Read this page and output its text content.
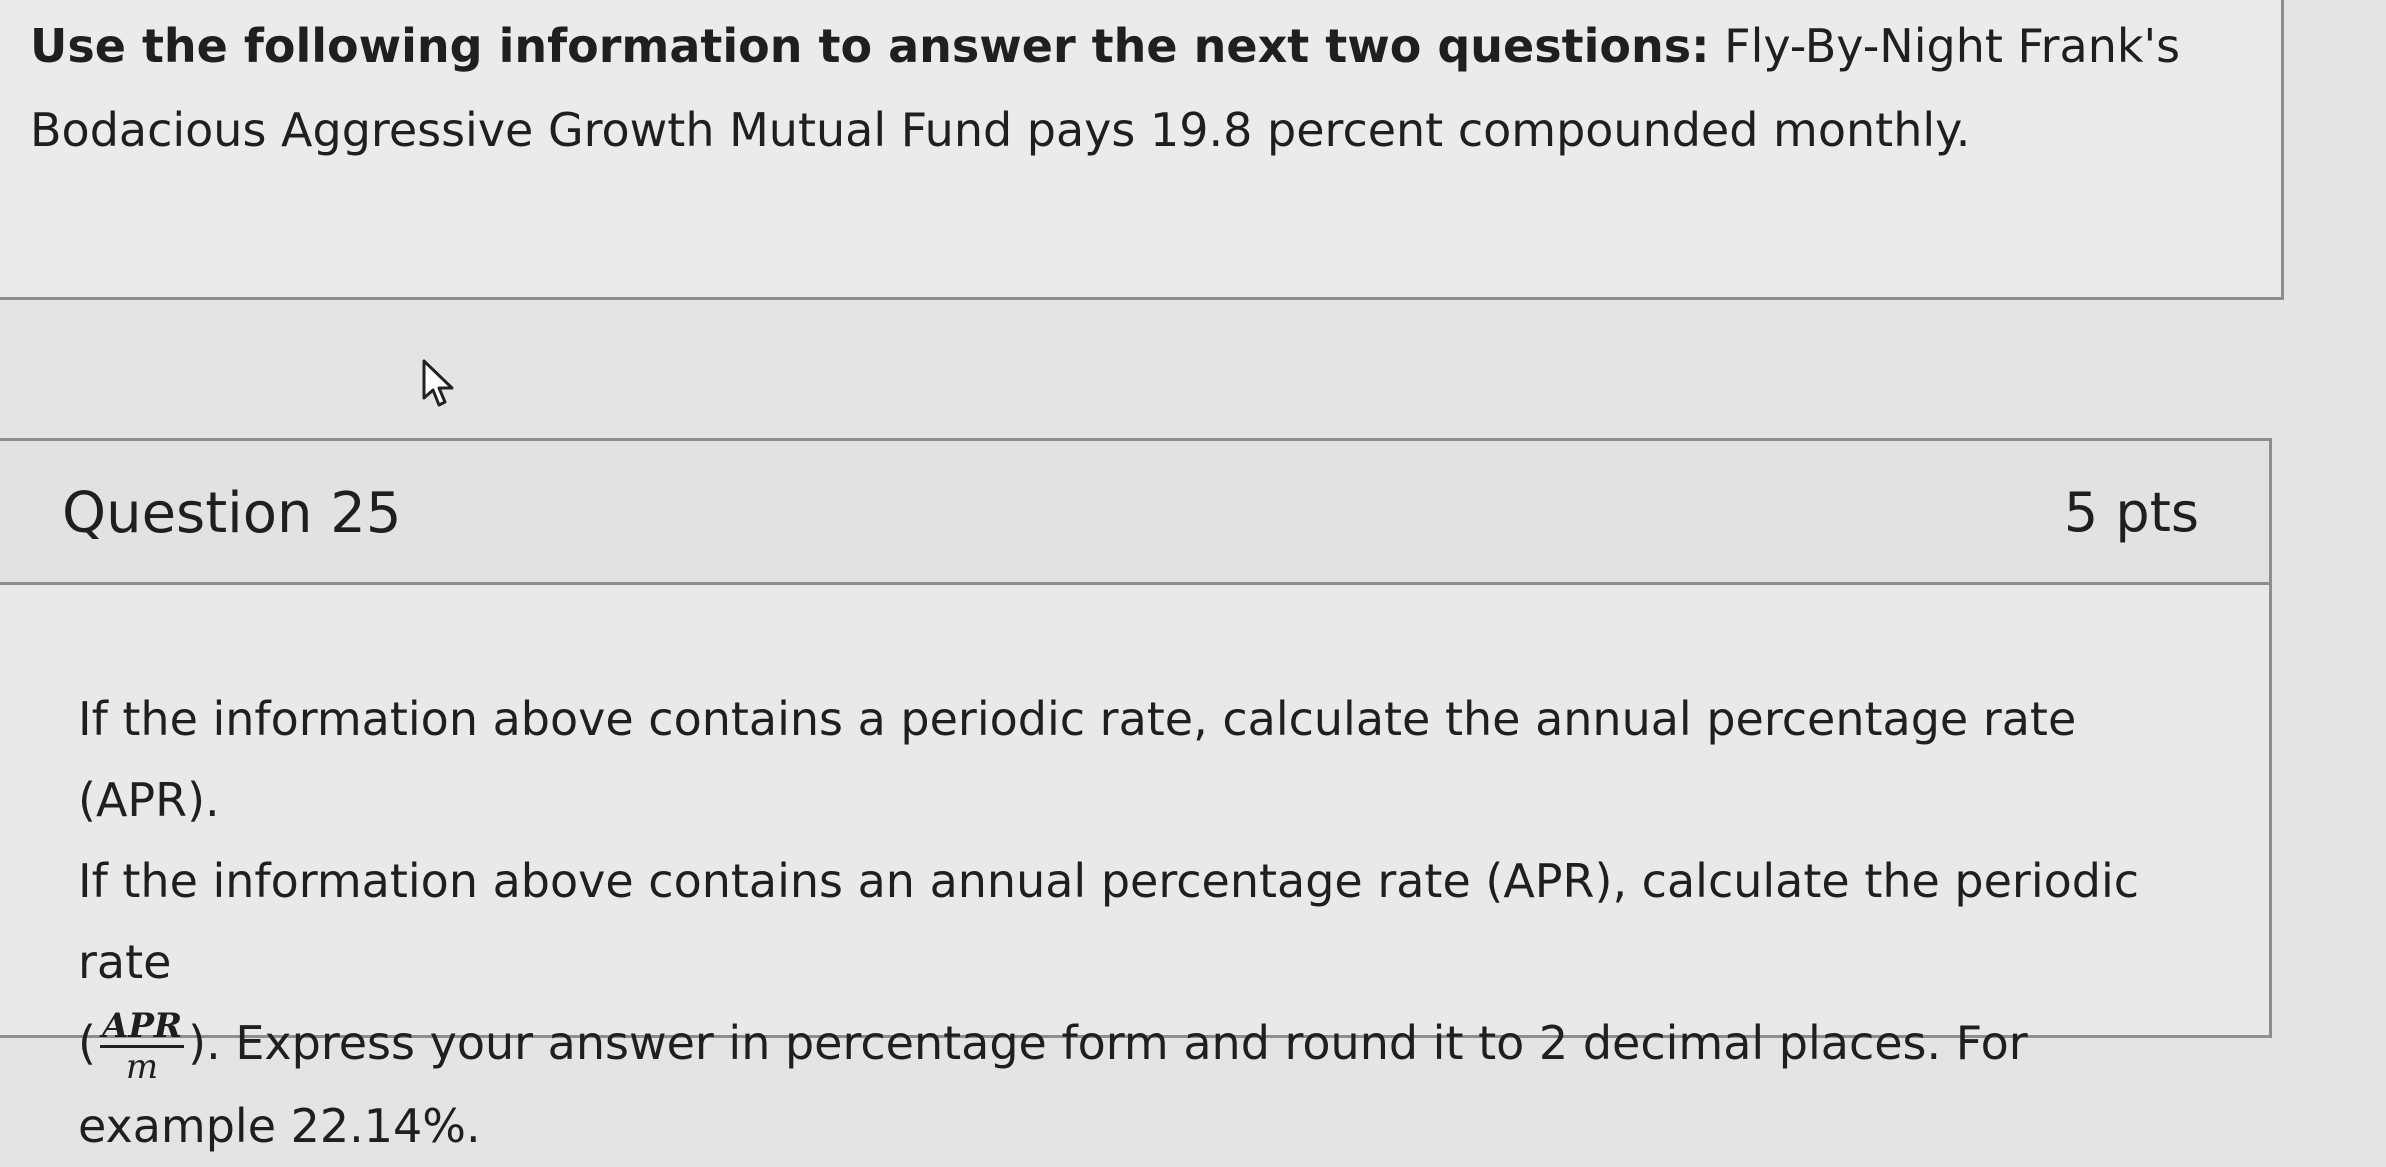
Use the following information to answer the next two questions: Fly-By-Night Frank's Bodacious Aggressive Growth Mutual Fund pays 19.8 percent compounded monthly.

Question 25	5 pts
If the information above contains a periodic rate, calculate the annual percentage rate (APR).
If the information above contains an annual percentage rate (APR), calculate the periodic rate
( $\frac{\text{APR}}{m}$ ). Express your answer in percentage form and round it to 2 decimal places. For example 22.14%.
